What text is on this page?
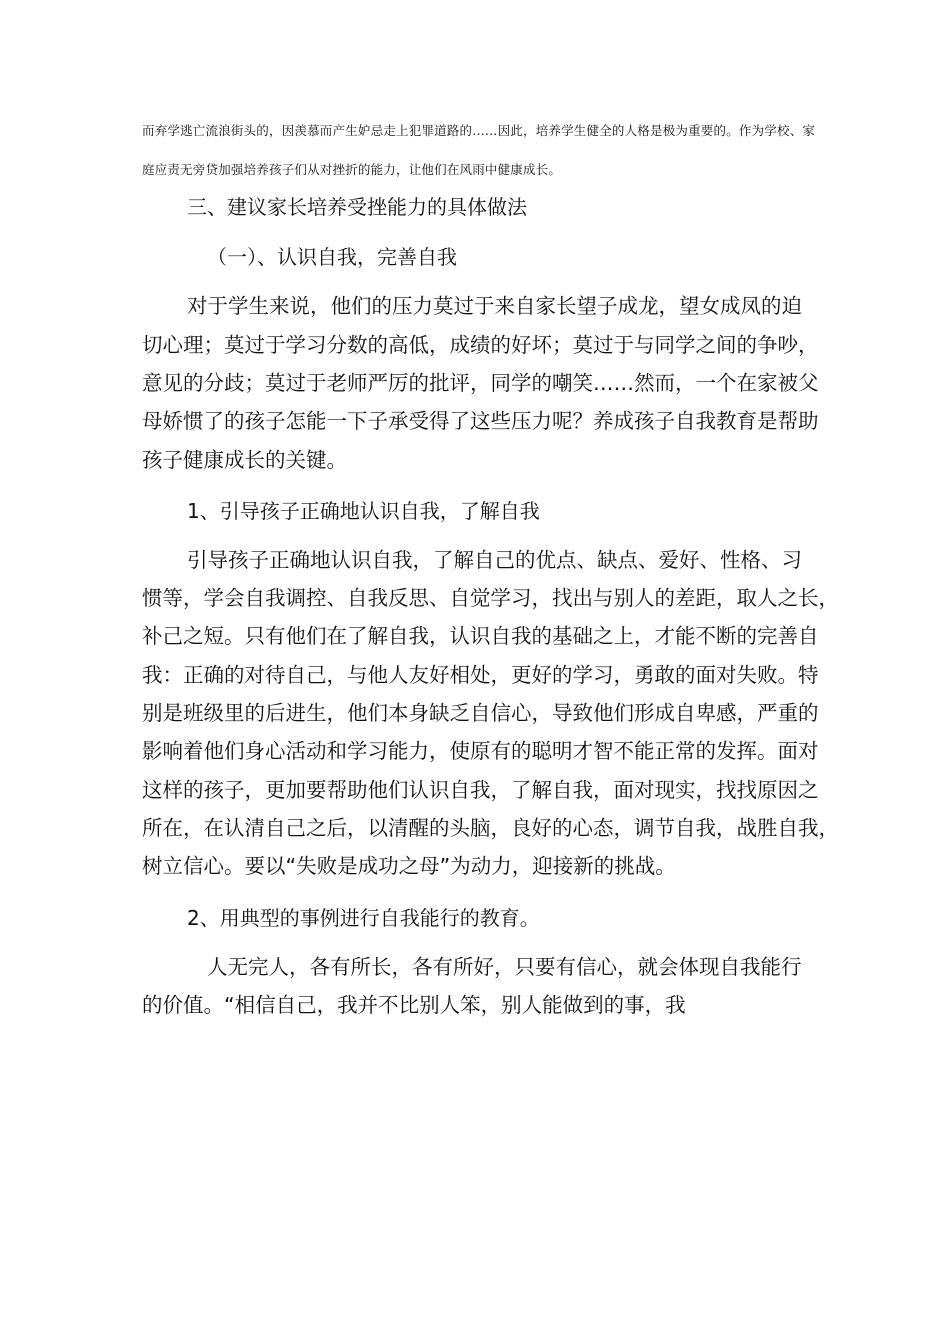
而弃学逃亡流浪街头的，因羡慕而产生妒忌走上犯罪道路的……因此，培养学生健全的人格是极为重要的。作为学校、家
庭应责无旁贷加强培养孩子们从对挫折的能力，让他们在风雨中健康成长。
三、建议家长培养受挫能力的具体做法
（一）、认识自我，完善自我
对于学生来说，他们的压力莫过于来自家长望子成龙，望女成凤的迫
切心理；莫过于学习分数的高低，成绩的好坏；莫过于与同学之间的争吵，
意见的分歧；莫过于老师严厉的批评，同学的嘲笑……然而，一个在家被父
母娇惯了的孩子怎能一下子承受得了这些压力呢？养成孩子自我教育是帮助
孩子健康成长的关键。
1、引导孩子正确地认识自我，了解自我
引导孩子正确地认识自我，了解自己的优点、缺点、爱好、性格、习
惯等，学会自我调控、自我反思、自觉学习，找出与别人的差距，取人之长，
补己之短。只有他们在了解自我，认识自我的基础之上，才能不断的完善自
我：正确的对待自己，与他人友好相处，更好的学习，勇敢的面对失败。特
别是班级里的后进生，他们本身缺乏自信心，导致他们形成自卑感，严重的
影响着他们身心活动和学习能力，使原有的聪明才智不能正常的发挥。面对
这样的孩子，更加要帮助他们认识自我，了解自我，面对现实，找找原因之
所在，在认清自己之后，以清醒的头脑，良好的心态，调节自我，战胜自我，
树立信心。要以“失败是成功之母”为动力，迎接新的挑战。
2、用典型的事例进行自我能行的教育。
人无完人，各有所长，各有所好，只要有信心，就会体现自我能行
的价值。“相信自己，我并不比别人笨，别人能做到的事，我
